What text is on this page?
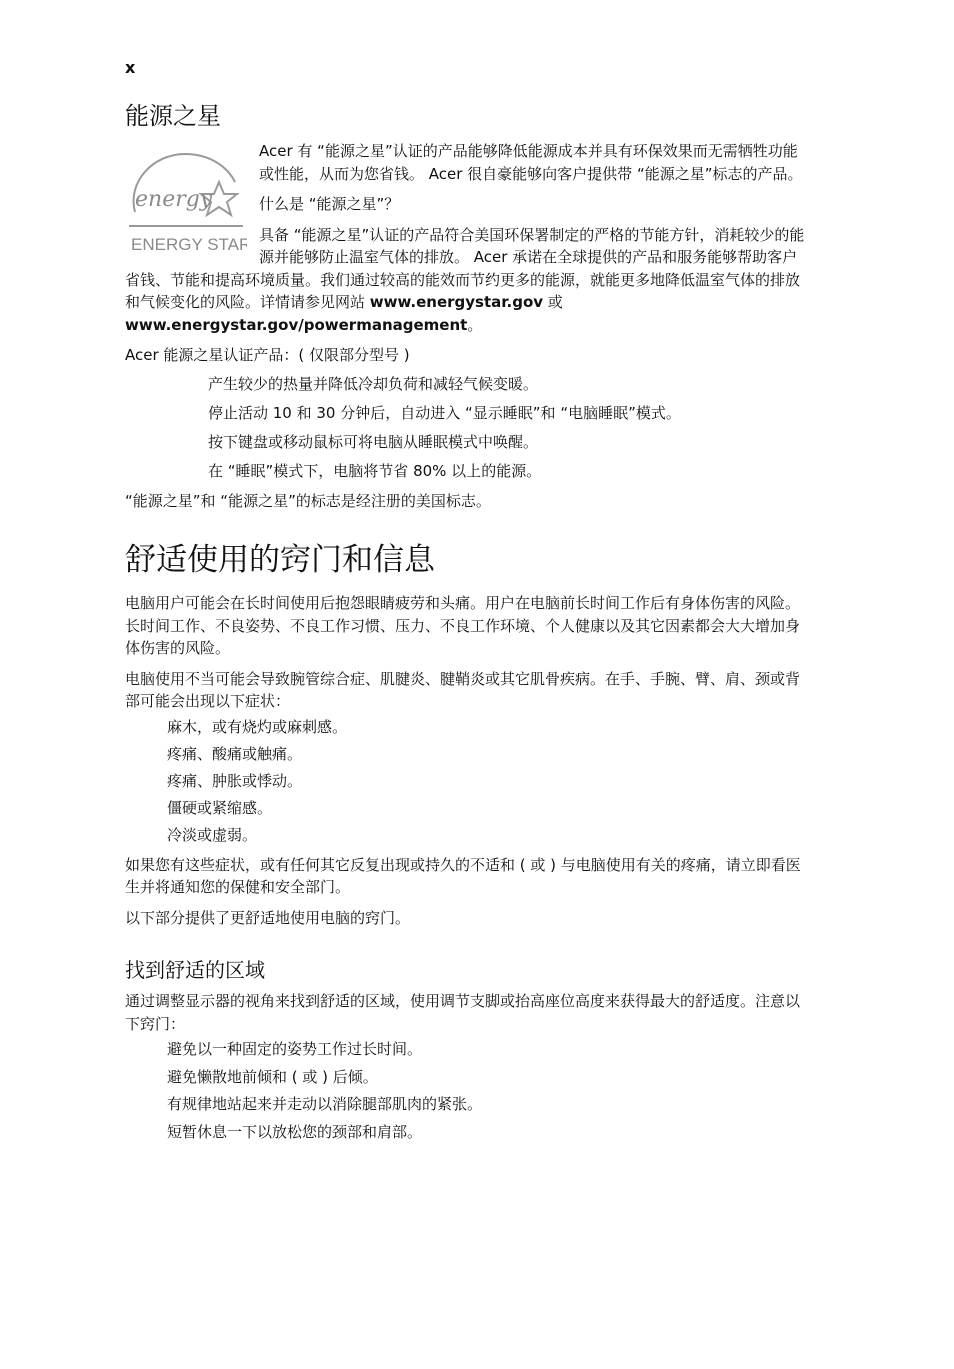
x
能源之星
energy
ENERGY STAR

Acer 有 “能源之星”认证的产品能够降低能源成本并具有环保效果而无需牺牲功能或性能，从而为您省钱。 Acer 很自豪能够向客户提供带 “能源之星”标志的产品。

什么是 “能源之星”？

具备 “能源之星”认证的产品符合美国环保署制定的严格的节能方针，消耗较少的能源并能够防止温室气体的排放。 Acer 承诺在全球提供的产品和服务能够帮助客户省钱、节能和提高环境质量。我们通过较高的能效而节约更多的能源，就能更多地降低温室气体的排放和气候变化的风险。详情请参见网站 www.energystar.gov 或 www.energystar.gov/powermanagement。

Acer 能源之星认证产品：( 仅限部分型号 )

产生较少的热量并降低冷却负荷和减轻气候变暖。
停止活动 10 和 30 分钟后，自动进入 “显示睡眠”和 “电脑睡眠”模式。
按下键盘或移动鼠标可将电脑从睡眠模式中唤醒。
在 “睡眠”模式下，电脑将节省 80% 以上的能源。

“能源之星”和 “能源之星”的标志是经注册的美国标志。

舒适使用的窍门和信息

电脑用户可能会在长时间使用后抱怨眼睛疲劳和头痛。用户在电脑前长时间工作后有身体伤害的风险。长时间工作、不良姿势、不良工作习惯、压力、不良工作环境、个人健康以及其它因素都会大大增加身体伤害的风险。

电脑使用不当可能会导致腕管综合症、肌腱炎、腱鞘炎或其它肌骨疾病。在手、手腕、臂、肩、颈或背部可能会出现以下症状：

麻木，或有烧灼或麻刺感。
疼痛、酸痛或触痛。
疼痛、肿胀或悸动。
僵硬或紧缩感。
冷淡或虚弱。

如果您有这些症状，或有任何其它反复出现或持久的不适和 ( 或 ) 与电脑使用有关的疼痛，请立即看医生并将通知您的保健和安全部门。

以下部分提供了更舒适地使用电脑的窍门。

找到舒适的区域

通过调整显示器的视角来找到舒适的区域，使用调节支脚或抬高座位高度来获得最大的舒适度。注意以下窍门：

避免以一种固定的姿势工作过长时间。
避免懒散地前倾和 ( 或 ) 后倾。
有规律地站起来并走动以消除腿部肌肉的紧张。
短暂休息一下以放松您的颈部和肩部。
